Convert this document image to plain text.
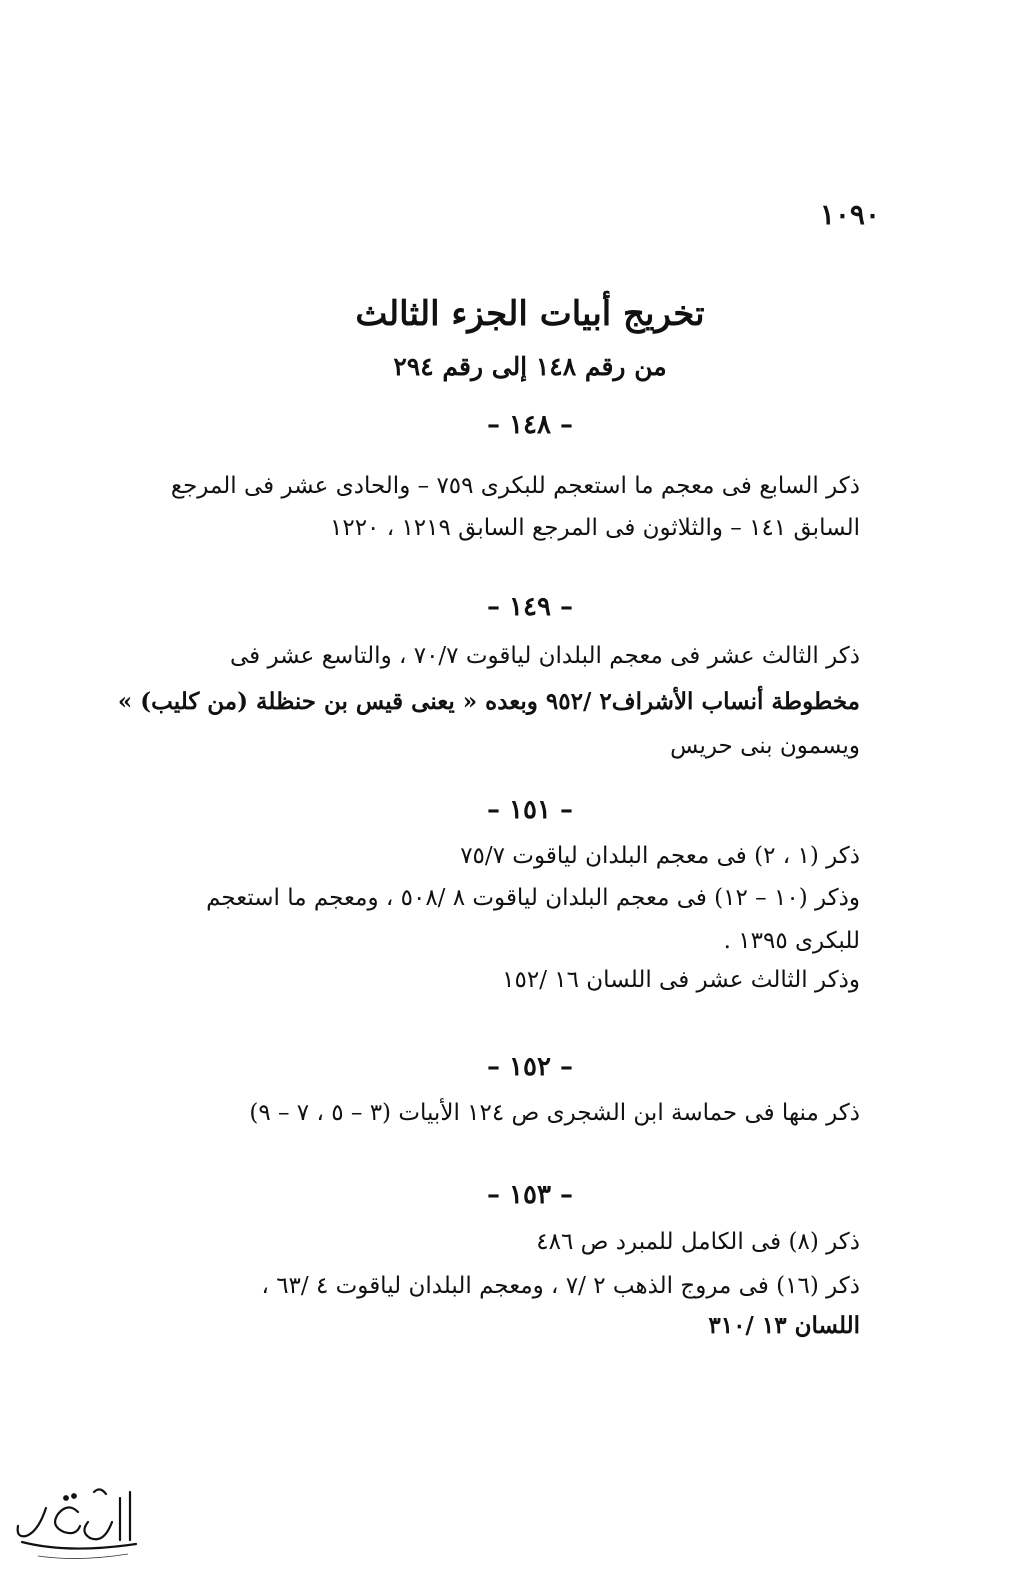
١٠٩٠
تخريج أبيات الجزء الثالث
من رقم ١٤٨ إلى رقم ٢٩٤
– ١٤٨ –
ذكر السابع فى معجم ما استعجم للبكرى ٧٥٩ – والحادى عشر فى المرجع
السابق ١٤١ – والثلاثون فى المرجع السابق ١٢١٩ ، ١٢٢٠
– ١٤٩ –
ذكر الثالث عشر فى معجم البلدان لياقوت ٧٠/٧ ، والتاسع عشر فى
مخطوطة أنساب الأشراف٢ /٩٥٢ وبعده « يعنى قيس بن حنظلة (من كليب) »
ويسمون بنى حريس
– ١٥١ –
ذكر (١ ، ٢) فى معجم البلدان لياقوت ٧٥/٧
وذكر (١٠ – ١٢) فى معجم البلدان لياقوت ٨ /٥٠٨ ، ومعجم ما استعجم
للبكرى ١٣٩٥ .
وذكر الثالث عشر فى اللسان ١٦ /١٥٢
– ١٥٢ –
ذكر منها فى حماسة ابن الشجرى ص ١٢٤ الأبيات (٣ – ٥ ، ٧ – ٩)
– ١٥٣ –
ذكر (٨) فى الكامل للمبرد ص ٤٨٦
ذكر (١٦) فى مروج الذهب ٢ /٧ ، ومعجم البلدان لياقوت ٤ /٦٣ ،
اللسان ١٣ /٣١٠
